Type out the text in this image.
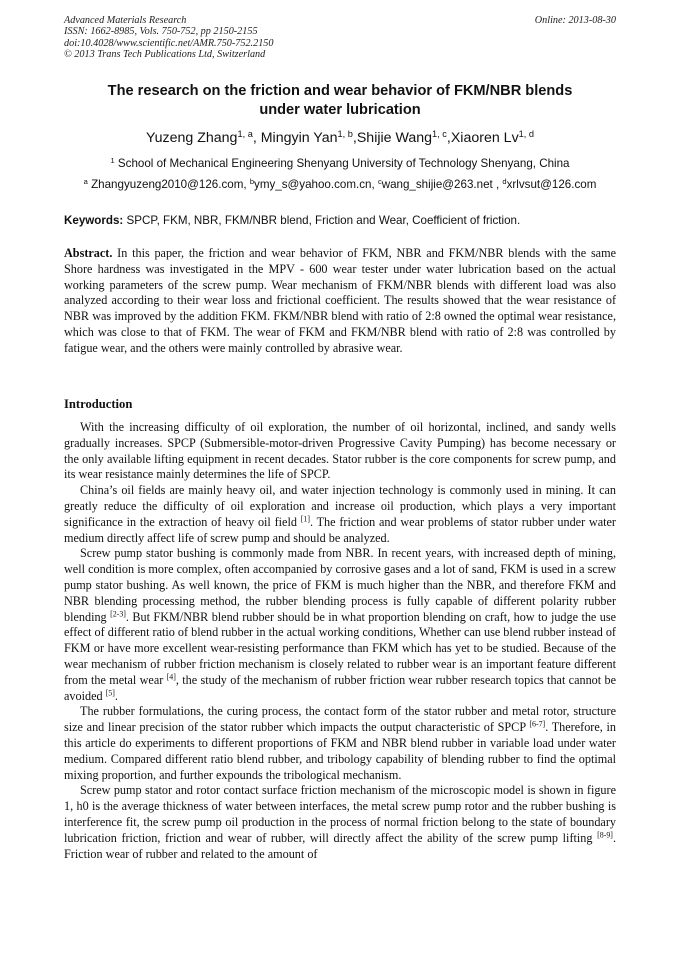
Advanced Materials Research
ISSN: 1662-8985, Vols. 750-752, pp 2150-2155
doi:10.4028/www.scientific.net/AMR.750-752.2150
© 2013 Trans Tech Publications Ltd, Switzerland
Online: 2013-08-30
The research on the friction and wear behavior of FKM/NBR blends
under water lubrication
Yuzeng Zhang$^{1, a}$, Mingyin Yan$^{1, b}$,Shijie Wang$^{1, c}$,Xiaoren Lv$^{1, d}$
$^1$ School of Mechanical Engineering Shenyang University of Technology Shenyang, China
$^a$ Zhangyuzeng2010@126.com, $^b$ymy_s@yahoo.com.cn, $^c$wang_shijie@263.net , $^d$xrlvsut@126.com
Keywords: SPCP, FKM, NBR, FKM/NBR blend, Friction and Wear, Coefficient of friction.
Abstract. In this paper, the friction and wear behavior of FKM, NBR and FKM/NBR blends with the same Shore hardness was investigated in the MPV - 600 wear tester under water lubrication based on the actual working parameters of the screw pump. Wear mechanism of FKM/NBR blends with different load was also analyzed according to their wear loss and frictional coefficient. The results showed that the wear resistance of NBR was improved by the addition FKM. FKM/NBR blend with ratio of 2:8 owned the optimal wear resistance, which was close to that of FKM. The wear of FKM and FKM/NBR blend with ratio of 2:8 was controlled by fatigue wear, and the others were mainly controlled by abrasive wear.
Introduction

With the increasing difficulty of oil exploration, the number of oil horizontal, inclined, and sandy wells gradually increases. SPCP (Submersible-motor-driven Progressive Cavity Pumping) has become necessary or the only available lifting equipment in recent decades. Stator rubber is the core components for screw pump, and its wear resistance mainly determines the life of SPCP.

China’s oil fields are mainly heavy oil, and water injection technology is commonly used in mining. It can greatly reduce the difficulty of oil exploration and increase oil production, which plays a very important significance in the extraction of heavy oil field [1]. The friction and wear problems of stator rubber under water medium directly affect life of screw pump and should be analyzed.

Screw pump stator bushing is commonly made from NBR. In recent years, with increased depth of mining, well condition is more complex, often accompanied by corrosive gases and a lot of sand, FKM is used in a screw pump stator bushing. As well known, the price of FKM is much higher than the NBR, and therefore FKM and NBR blending processing method, the rubber blending process is fully capable of different polarity rubber blending [2-3]. But FKM/NBR blend rubber should be in what proportion blending on craft, how to judge the use effect of different ratio of blend rubber in the actual working conditions, Whether can use blend rubber instead of FKM or have more excellent wear-resisting performance than FKM which has yet to be studied. Because of the wear mechanism of rubber friction mechanism is closely related to rubber wear is an important feature different from the metal wear [4], the study of the mechanism of rubber friction wear rubber research topics that cannot be avoided [5].

The rubber formulations, the curing process, the contact form of the stator rubber and metal rotor, structure size and linear precision of the stator rubber which impacts the output characteristic of SPCP [6-7]. Therefore, in this article do experiments to different proportions of FKM and NBR blend rubber in variable load under water medium. Compared different ratio blend rubber, and tribology capability of blending rubber to find the optimal mixing proportion, and further expounds the tribological mechanism.

Screw pump stator and rotor contact surface friction mechanism of the microscopic model is shown in figure 1, h0 is the average thickness of water between interfaces, the metal screw pump rotor and the rubber bushing is interference fit, the screw pump oil production in the process of normal friction belong to the state of boundary lubrication friction, friction and wear of rubber, will directly affect the ability of the screw pump lifting [8-9]. Friction wear of rubber and related to the amount of
